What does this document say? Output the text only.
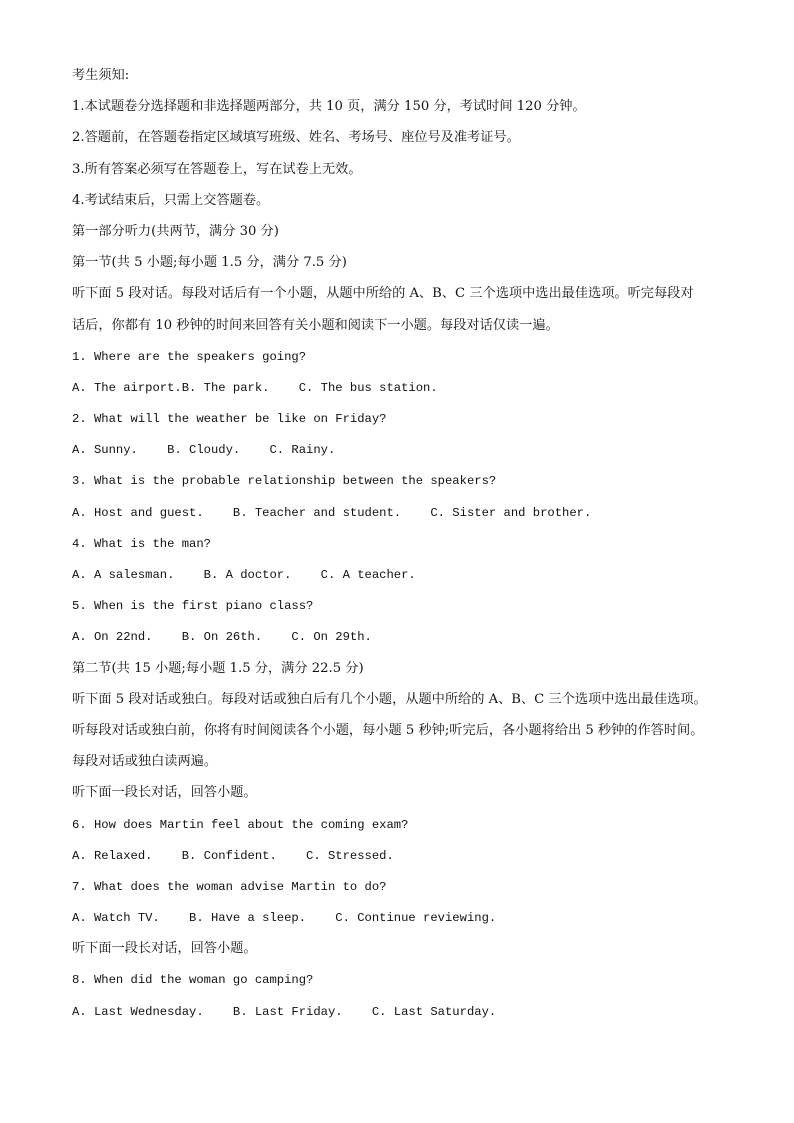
考生须知:
1.本试题卷分选择题和非选择题两部分，共 10 页，满分 150 分，考试时间 120 分钟。
2.答题前，在答题卷指定区域填写班级、姓名、考场号、座位号及准考证号。
3.所有答案必须写在答题卷上，写在试卷上无效。
4.考试结束后，只需上交答题卷。
第一部分听力(共两节，满分 30 分)
第一节(共 5 小题;每小题 1.5 分，满分 7.5 分)
听下面 5 段对话。每段对话后有一个小题，从题中所给的 A、B、C 三个选项中选出最佳选项。听完每段对
话后，你都有 10 秒钟的时间来回答有关小题和阅读下一小题。每段对话仅读一遍。
1. Where are the speakers going?
A. The airport.B. The park.    C. The bus station.
2. What will the weather be like on Friday?
A. Sunny.    B. Cloudy.    C. Rainy.
3. What is the probable relationship between the speakers?
A. Host and guest.    B. Teacher and student.    C. Sister and brother.
4. What is the man?
A. A salesman.    B. A doctor.    C. A teacher.
5. When is the first piano class?
A. On 22nd.    B. On 26th.    C. On 29th.
第二节(共 15 小题;每小题 1.5 分，满分 22.5 分)
听下面 5 段对话或独白。每段对话或独白后有几个小题，从题中所给的 A、B、C 三个选项中选出最佳选项。
听每段对话或独白前，你将有时间阅读各个小题，每小题 5 秒钟;听完后，各小题将给出 5 秒钟的作答时间。
每段对话或独白读两遍。
听下面一段长对话，回答小题。
6. How does Martin feel about the coming exam?
A. Relaxed.    B. Confident.    C. Stressed.
7. What does the woman advise Martin to do?
A. Watch TV.    B. Have a sleep.    C. Continue reviewing.
听下面一段长对话，回答小题。
8. When did the woman go camping?
A. Last Wednesday.    B. Last Friday.    C. Last Saturday.
